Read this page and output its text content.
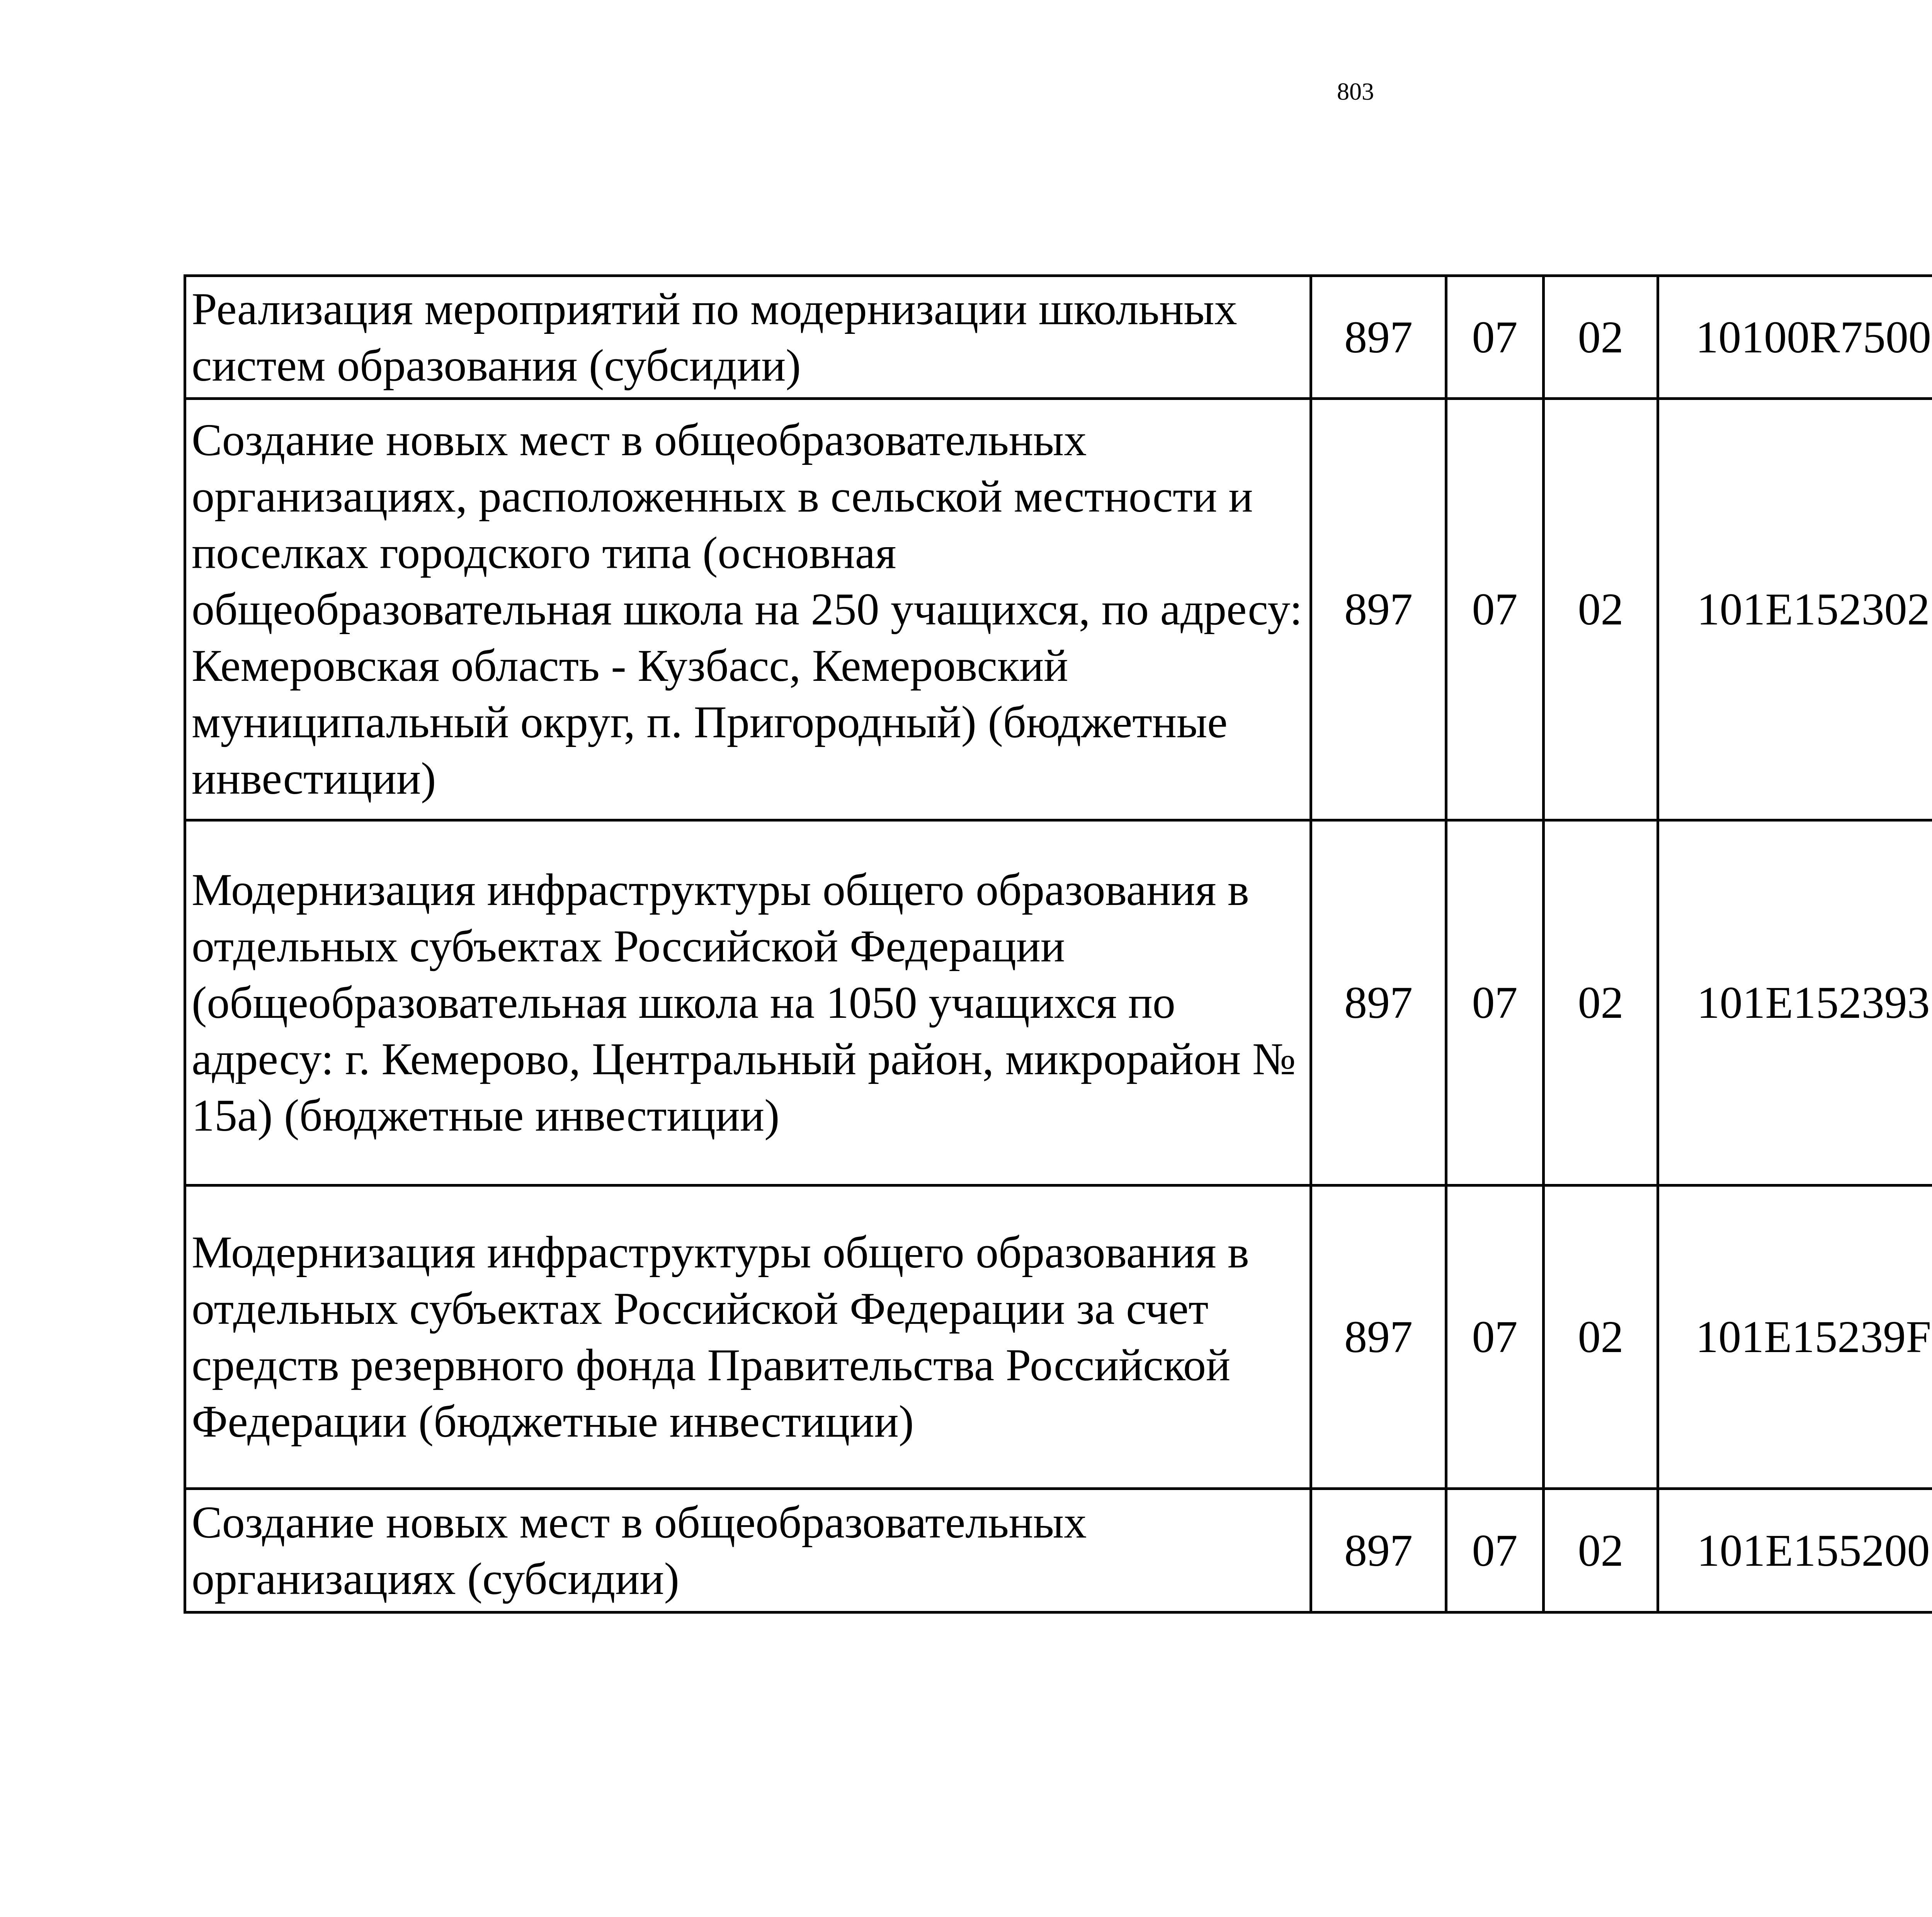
803
Реализация мероприятий по модернизации школьных систем образования (субсидии)	897	07	02	10100R7500		
Создание новых мест в общеобразовательных организациях, расположенных в сельской местности и поселках городского типа (основная общеобразовательная школа на 250 учащихся, по адресу: Кемеровская область - Кузбасс, Кемеровский муниципальный округ, п. Пригородный) (бюджетные инвестиции)	897	07	02	101E152302		
Модернизация инфраструктуры общего образования в отдельных субъектах Российской Федерации (общеобразовательная школа на 1050 учащихся по адресу: г. Кемерово, Центральный район, микрорайон № 15а) (бюджетные инвестиции)	897	07	02	101E152393		
Модернизация инфраструктуры общего образования в отдельных субъектах Российской Федерации за счет средств резервного фонда Правительства Российской Федерации (бюджетные инвестиции)	897	07	02	101E15239F		
Создание новых мест в общеобразовательных организациях (субсидии)	897	07	02	101E155200		
